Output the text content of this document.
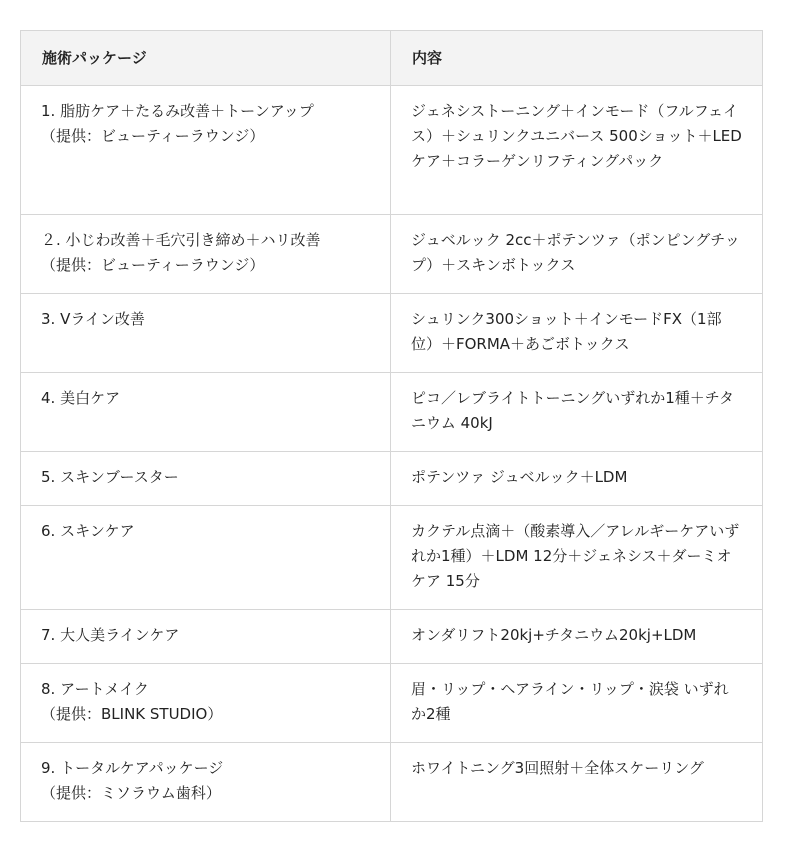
施術パッケージ	内容

1. 脂肪ケア＋たるみ改善＋トーンアップ
（提供：ビューティーラウンジ）	ジェネシストーニング＋インモード（フルフェイス）＋シュリンクユニバース 500ショット＋LEDケア＋コラーゲンリフティングパック

２. 小じわ改善＋毛穴引き締め＋ハリ改善
（提供：ビューティーラウンジ）	ジュベルック 2cc＋ポテンツァ（ポンピングチップ）＋スキンボトックス

3. Vライン改善	シュリンク300ショット＋インモードFX（1部位）＋FORMA＋あごボトックス

4. 美白ケア	ピコ／レブライトトーニングいずれか1種＋チタニウム 40kJ

5. スキンブースター	ポテンツァ ジュベルック＋LDM

6. スキンケア	カクテル点滴＋（酸素導入／アレルギーケアいずれか1種）＋LDM 12分＋ジェネシス＋ダーミオケア 15分

7. 大人美ラインケア	オンダリフト20kj+チタニウム20kj+LDM

8. アートメイク
（提供：BLINK STUDIO）	眉・リップ・ヘアライン・リップ・涙袋 いずれか2種

9. トータルケアパッケージ
（提供：ミソラウム歯科）	ホワイトニング3回照射＋全体スケーリング
